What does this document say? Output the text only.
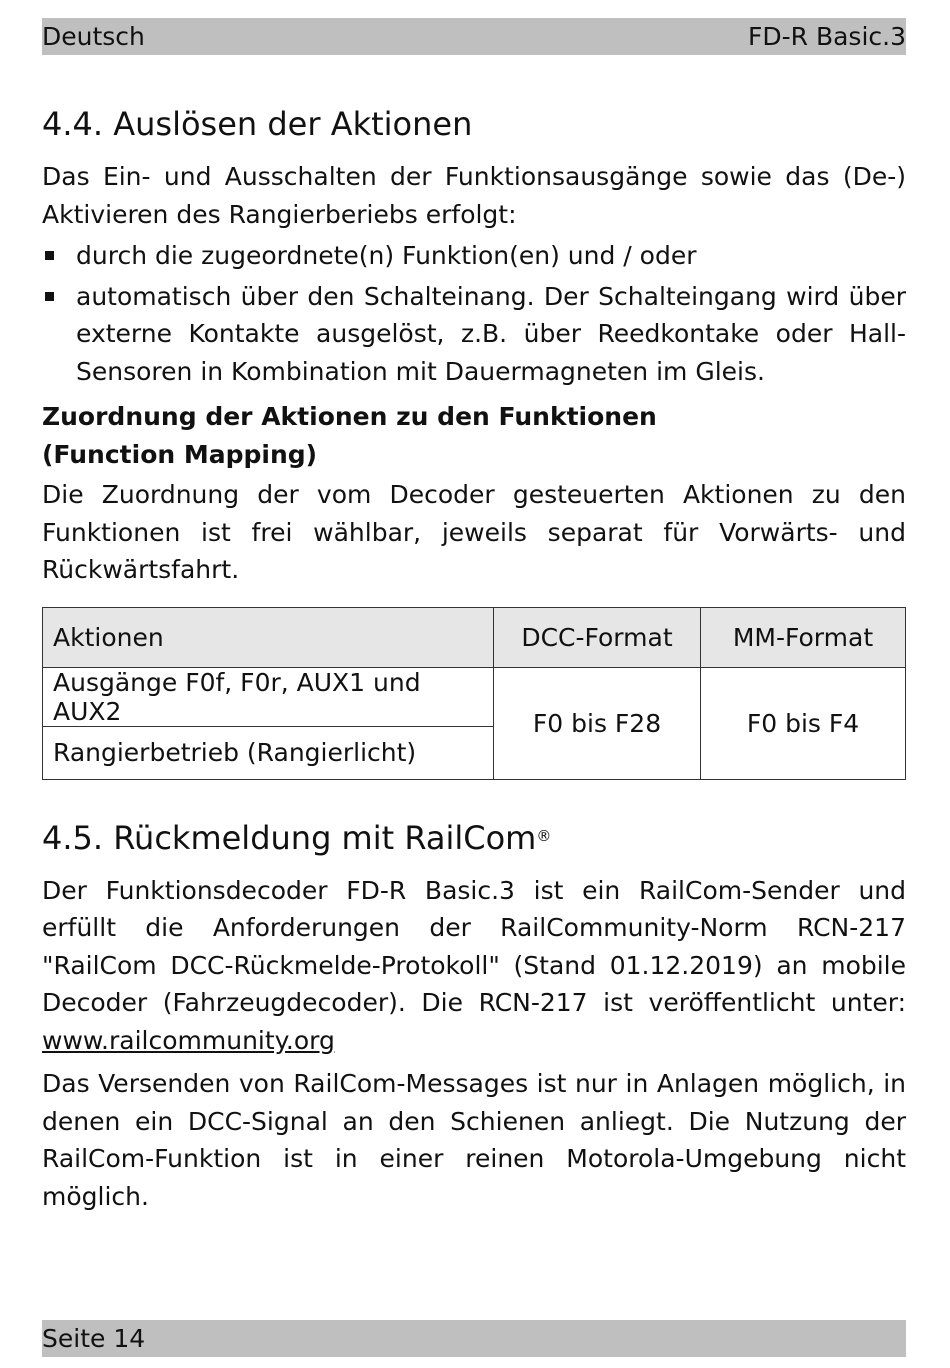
Deutsch	FD-R Basic.3
4.4. Auslösen der Aktionen

Das Ein- und Ausschalten der Funktionsausgänge sowie das (De-) Aktivieren des Rangierberiebs erfolgt:

durch die zugeordnete(n) Funktion(en) und / oder
automatisch über den Schalteinang. Der Schalteingang wird über externe Kontakte ausgelöst, z.B. über Reedkontake oder Hall-Sensoren in Kombination mit Dauermagneten im Gleis.
Zuordnung der Aktionen zu den Funktionen
(Function Mapping)

Die Zuordnung der vom Decoder gesteuerten Aktionen zu den Funktionen ist frei wählbar, jeweils separat für Vorwärts- und Rückwärtsfahrt.

Aktionen	DCC-Format	MM-Format
Ausgänge F0f, F0r, AUX1 und AUX2	F0 bis F28	F0 bis F4
Rangierbetrieb (Rangierlicht)		
4.5. Rückmeldung mit RailCom®

Der Funktionsdecoder FD-R Basic.3 ist ein RailCom-Sender und erfüllt die Anforderungen der RailCommunity-Norm RCN-217 "RailCom DCC-Rückmelde-Protokoll" (Stand 01.12.2019) an mobile Decoder (Fahrzeugdecoder). Die RCN-217 ist veröffentlicht unter:

www.railcommunity.org

Das Versenden von RailCom-Messages ist nur in Anlagen möglich, in denen ein DCC-Signal an den Schienen anliegt. Die Nutzung der RailCom-Funktion ist in einer reinen Motorola-Umgebung nicht möglich.

Seite 14
